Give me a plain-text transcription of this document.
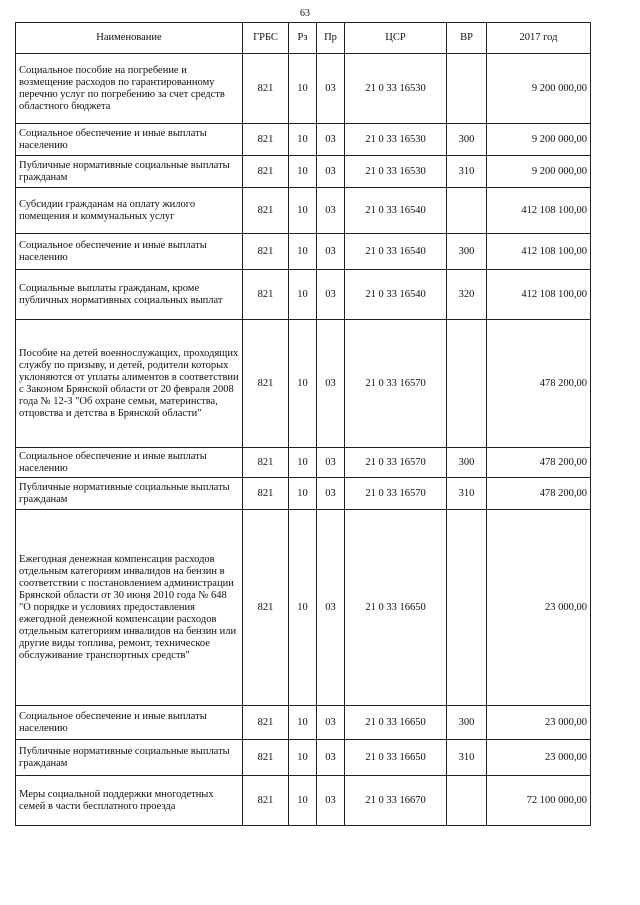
63
Наименование	ГРБС	Рз	Пр	ЦСР	ВР	2017 год
Социальное пособие на погребение и возмещение расходов по гарантированному перечню услуг по погребению за счет средств областного бюджета	821	10	03	21 0 33 16530		9 200 000,00
Социальное обеспечение и иные выплаты населению	821	10	03	21 0 33 16530	300	9 200 000,00
Публичные нормативные социальные выплаты гражданам	821	10	03	21 0 33 16530	310	9 200 000,00
Субсидии гражданам на оплату жилого помещения и коммунальных услуг	821	10	03	21 0 33 16540		412 108 100,00
Социальное обеспечение и иные выплаты населению	821	10	03	21 0 33 16540	300	412 108 100,00
Социальные выплаты гражданам, кроме публичных нормативных социальных выплат	821	10	03	21 0 33 16540	320	412 108 100,00
Пособие на детей военнослужащих, проходящих службу по призыву, и детей, родители которых уклоняются от уплаты алиментов в соответствии с Законом Брянской области от 20 февраля 2008 года № 12-З "Об охране семьи, материнства, отцовства и детства в Брянской области"	821	10	03	21 0 33 16570		478 200,00
Социальное обеспечение и иные выплаты населению	821	10	03	21 0 33 16570	300	478 200,00
Публичные нормативные социальные выплаты гражданам	821	10	03	21 0 33 16570	310	478 200,00
Ежегодная денежная компенсация расходов отдельным категориям инвалидов на бензин в соответствии с постановлением администрации Брянской области от 30 июня 2010 года № 648 "О порядке и условиях предоставления ежегодной денежной компенсации расходов отдельным категориям инвалидов на бензин или другие виды топлива, ремонт, техническое обслуживание транспортных средств"	821	10	03	21 0 33 16650		23 000,00
Социальное обеспечение и иные выплаты населению	821	10	03	21 0 33 16650	300	23 000,00
Публичные нормативные социальные выплаты гражданам	821	10	03	21 0 33 16650	310	23 000,00
Меры социальной поддержки многодетных семей в части бесплатного проезда	821	10	03	21 0 33 16670		72 100 000,00
